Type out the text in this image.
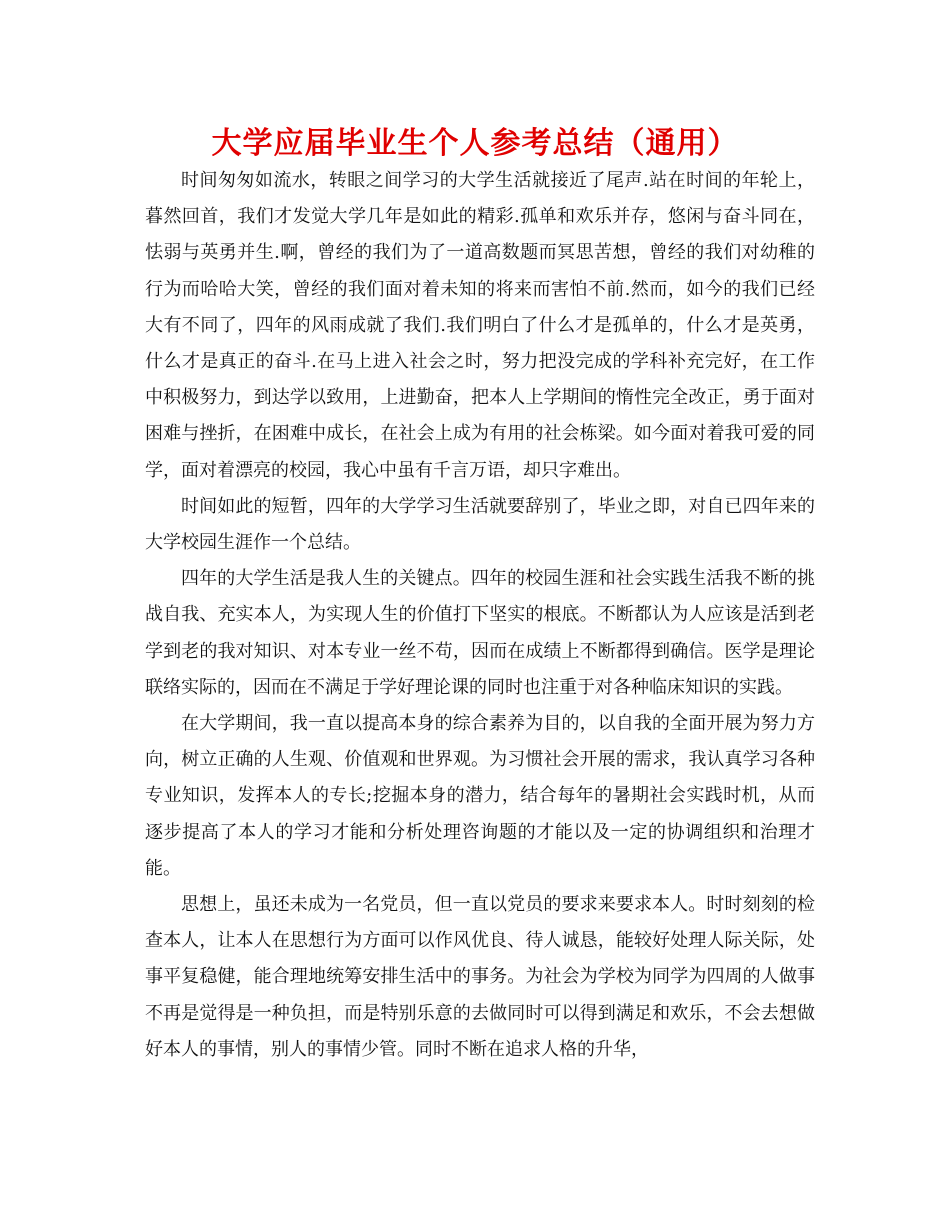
大学应届毕业生个人参考总结（通用）

时间匆匆如流水，转眼之间学习的大学生活就接近了尾声.站在时间的年轮上，暮然回首，我们才发觉大学几年是如此的精彩.孤单和欢乐并存，悠闲与奋斗同在，怯弱与英勇并生.啊，曾经的我们为了一道高数题而冥思苦想，曾经的我们对幼稚的行为而哈哈大笑，曾经的我们面对着未知的将来而害怕不前.然而，如今的我们已经大有不同了，四年的风雨成就了我们.我们明白了什么才是孤单的，什么才是英勇，什么才是真正的奋斗.在马上进入社会之时，努力把没完成的学科补充完好，在工作中积极努力，到达学以致用，上进勤奋，把本人上学期间的惰性完全改正，勇于面对困难与挫折，在困难中成长，在社会上成为有用的社会栋梁。如今面对着我可爱的同学，面对着漂亮的校园，我心中虽有千言万语，却只字难出。

时间如此的短暂，四年的大学学习生活就要辞别了，毕业之即，对自已四年来的大学校园生涯作一个总结。

四年的大学生活是我人生的关键点。四年的校园生涯和社会实践生活我不断的挑战自我、充实本人，为实现人生的价值打下坚实的根底。不断都认为人应该是活到老学到老的我对知识、对本专业一丝不苟，因而在成绩上不断都得到确信。医学是理论联络实际的，因而在不满足于学好理论课的同时也注重于对各种临床知识的实践。

在大学期间，我一直以提高本身的综合素养为目的，以自我的全面开展为努力方向，树立正确的人生观、价值观和世界观。为习惯社会开展的需求，我认真学习各种专业知识，发挥本人的专长;挖掘本身的潜力，结合每年的暑期社会实践时机，从而逐步提高了本人的学习才能和分析处理咨询题的才能以及一定的协调组织和治理才能。

思想上，虽还未成为一名党员，但一直以党员的要求来要求本人。时时刻刻的检查本人，让本人在思想行为方面可以作风优良、待人诚恳，能较好处理人际关际，处事平复稳健，能合理地统筹安排生活中的事务。为社会为学校为同学为四周的人做事不再是觉得是一种负担，而是特别乐意的去做同时可以得到满足和欢乐，不会去想做好本人的事情，别人的事情少管。同时不断在追求人格的升华，
